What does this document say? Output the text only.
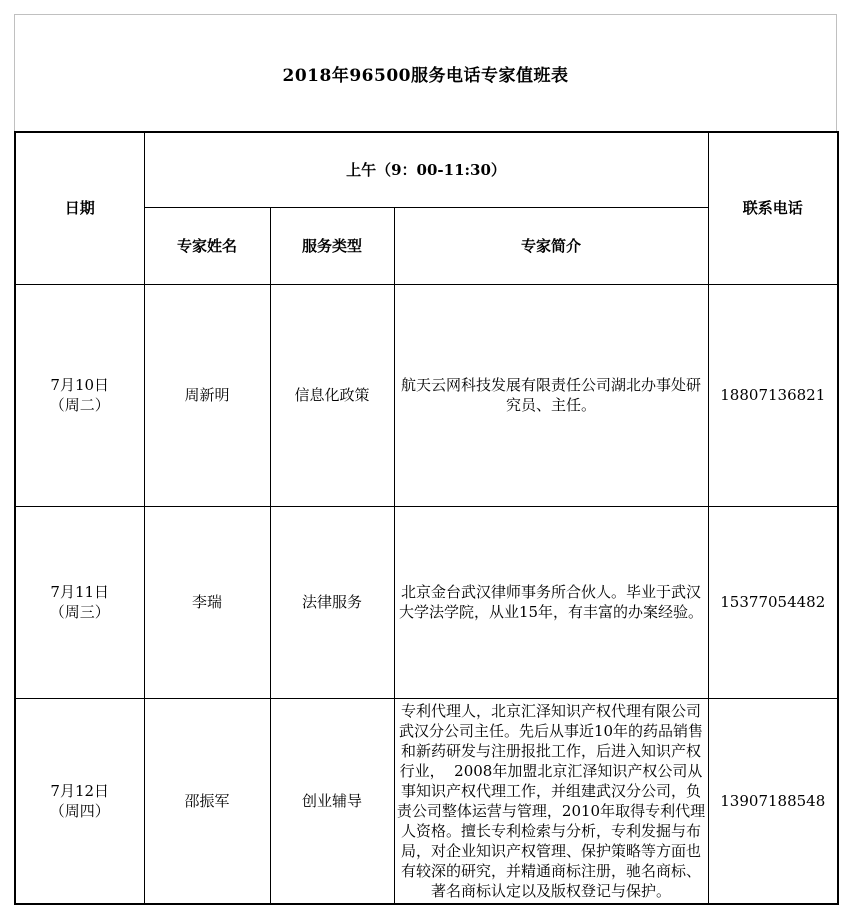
2018年96500服务电话专家值班表
日期	上午（9：00-11:30）			联系电话
	专家姓名	服务类型	专家简介	

7月10日
（周二）	周新明	信息化政策	航天云网科技发展有限责任公司湖北办事处研究员、主任。	18807136821

7月11日
（周三）	李瑞	法律服务	北京金台武汉律师事务所合伙人。毕业于武汉大学法学院，从业15年，有丰富的办案经验。	15377054482

7月12日
（周四）	邵振军	创业辅导	专利代理人，北京汇泽知识产权代理有限公司武汉分公司主任。先后从事近10年的药品销售和新药研发与注册报批工作，后进入知识产权行业，  2008年加盟北京汇泽知识产权公司从事知识产权代理工作，并组建武汉分公司，负责公司整体运营与管理，2010年取得专利代理人资格。擅长专利检索与分析，专利发掘与布局，对企业知识产权管理、保护策略等方面也有较深的研究，并精通商标注册，驰名商标、著名商标认定以及版权登记与保护。	13907188548
